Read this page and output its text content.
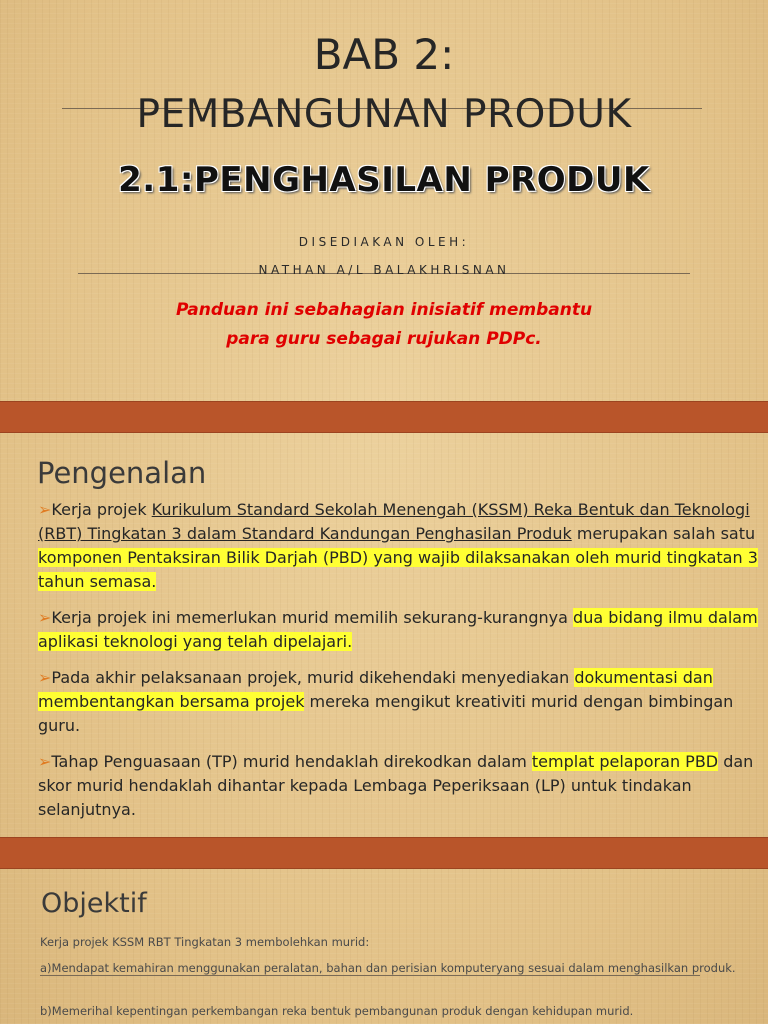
BAB 2:
PEMBANGUNAN PRODUK
2.1:PENGHASILAN PRODUK
DISEDIAKAN OLEH:
NATHAN A/L BALAKHRISNAN
Panduan ini sebahagian inisiatif membantu
para guru sebagai rujukan PDPc.
Pengenalan
➢Kerja projek Kurikulum Standard Sekolah Menengah (KSSM) Reka Bentuk dan Teknologi (RBT) Tingkatan 3 dalam Standard Kandungan Penghasilan Produk merupakan salah satu komponen Pentaksiran Bilik Darjah (PBD) yang wajib dilaksanakan oleh murid tingkatan 3 tahun semasa.
➢Kerja projek ini memerlukan murid memilih sekurang-kurangnya dua bidang ilmu dalam aplikasi teknologi yang telah dipelajari.
➢Pada akhir pelaksanaan projek, murid dikehendaki menyediakan dokumentasi dan membentangkan bersama projek mereka mengikut kreativiti murid dengan bimbingan guru.
➢Tahap Penguasaan (TP) murid hendaklah direkodkan dalam templat pelaporan PBD dan skor murid hendaklah dihantar kepada Lembaga Peperiksaan (LP) untuk tindakan selanjutnya.
Objektif
Kerja projek KSSM RBT Tingkatan 3 membolehkan murid:
a)Mendapat kemahiran menggunakan peralatan, bahan dan perisian komputeryang sesuai dalam menghasilkan produk.
b)Memerihal kepentingan perkembangan reka bentuk pembangunan produk dengan kehidupan murid.
